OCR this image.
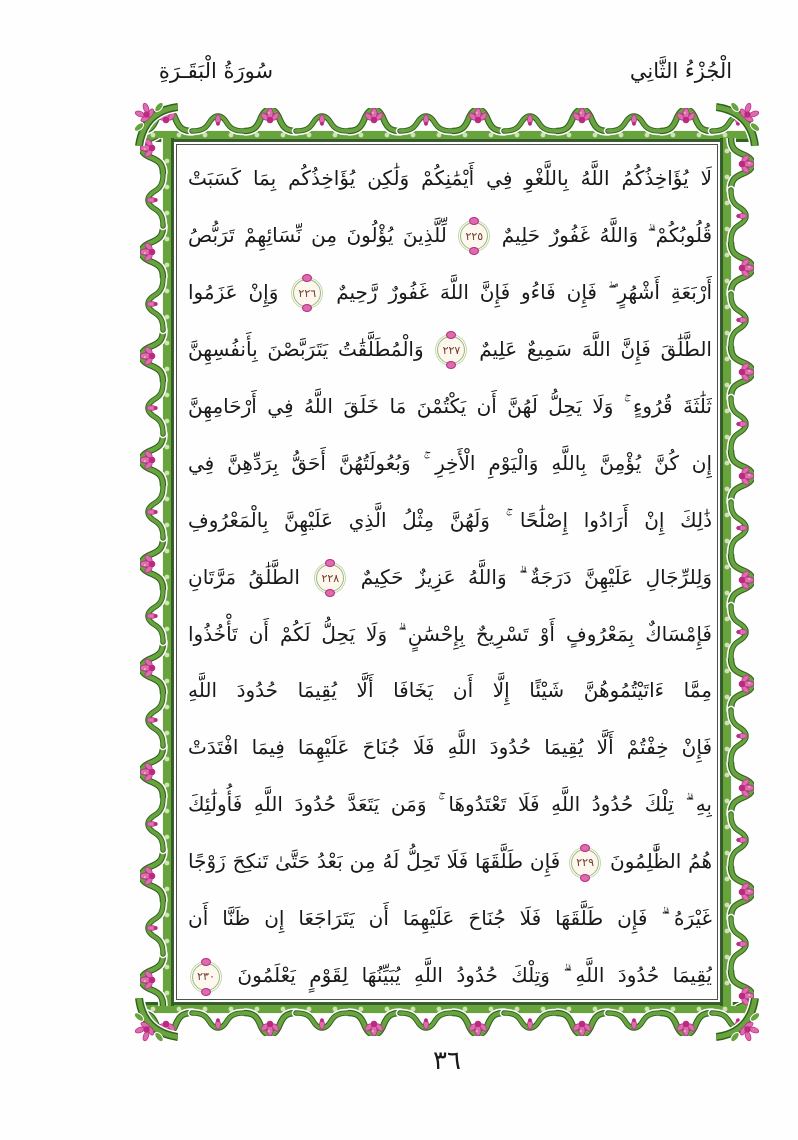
سُورَةُ الْبَقَـرَةِ	الْجُزْءُ الثَّانِي
لَا يُؤَاخِذُكُمُ اللَّهُ بِاللَّغْوِ فِي أَيْمَٰنِكُمْ وَلَٰكِن يُؤَاخِذُكُم بِمَا كَسَبَتْ
قُلُوبُكُمْ ۗ وَاللَّهُ غَفُورٌ حَلِيمٌ
٢٢٥
لِّلَّذِينَ يُؤْلُونَ مِن نِّسَائِهِمْ تَرَبُّصُ
أَرْبَعَةِ أَشْهُرٍ ۖ فَإِن فَاءُو فَإِنَّ اللَّهَ غَفُورٌ رَّحِيمٌ
٢٢٦
وَإِنْ عَزَمُوا
الطَّلَٰقَ فَإِنَّ اللَّهَ سَمِيعٌ عَلِيمٌ
٢٢٧
وَالْمُطَلَّقَٰتُ يَتَرَبَّصْنَ بِأَنفُسِهِنَّ
ثَلَٰثَةَ قُرُوءٍ ۚ وَلَا يَحِلُّ لَهُنَّ أَن يَكْتُمْنَ مَا خَلَقَ اللَّهُ فِي أَرْحَامِهِنَّ
إِن كُنَّ يُؤْمِنَّ بِاللَّهِ وَالْيَوْمِ الْأَخِرِ ۚ وَبُعُولَتُهُنَّ أَحَقُّ بِرَدِّهِنَّ فِي
ذَٰلِكَ إِنْ أَرَادُوا إِصْلَٰحًا ۚ وَلَهُنَّ مِثْلُ الَّذِي عَلَيْهِنَّ بِالْمَعْرُوفِ
وَلِلرِّجَالِ عَلَيْهِنَّ دَرَجَةٌ ۗ وَاللَّهُ عَزِيزٌ حَكِيمٌ
٢٢٨
الطَّلَٰقُ مَرَّتَانِ
فَإِمْسَاكٌ بِمَعْرُوفٍ أَوْ تَسْرِيحٌ بِإِحْسَٰنٍ ۗ وَلَا يَحِلُّ لَكُمْ أَن تَأْخُذُوا
مِمَّا ءَاتَيْتُمُوهُنَّ شَيْئًا إِلَّا أَن يَخَافَا أَلَّا يُقِيمَا حُدُودَ اللَّهِ
فَإِنْ خِفْتُمْ أَلَّا يُقِيمَا حُدُودَ اللَّهِ فَلَا جُنَاحَ عَلَيْهِمَا فِيمَا افْتَدَتْ
بِهِ ۗ تِلْكَ حُدُودُ اللَّهِ فَلَا تَعْتَدُوهَا ۚ وَمَن يَتَعَدَّ حُدُودَ اللَّهِ فَأُولَٰئِكَ
هُمُ الظَّٰلِمُونَ
٢٢٩
فَإِن طَلَّقَهَا فَلَا تَحِلُّ لَهُ مِن بَعْدُ حَتَّىٰ تَنكِحَ زَوْجًا
غَيْرَهُ ۗ فَإِن طَلَّقَهَا فَلَا جُنَاحَ عَلَيْهِمَا أَن يَتَرَاجَعَا إِن ظَنَّا أَن
يُقِيمَا حُدُودَ اللَّهِ ۗ وَتِلْكَ حُدُودُ اللَّهِ يُبَيِّنُهَا لِقَوْمٍ يَعْلَمُونَ
٢٣٠
٣٦
